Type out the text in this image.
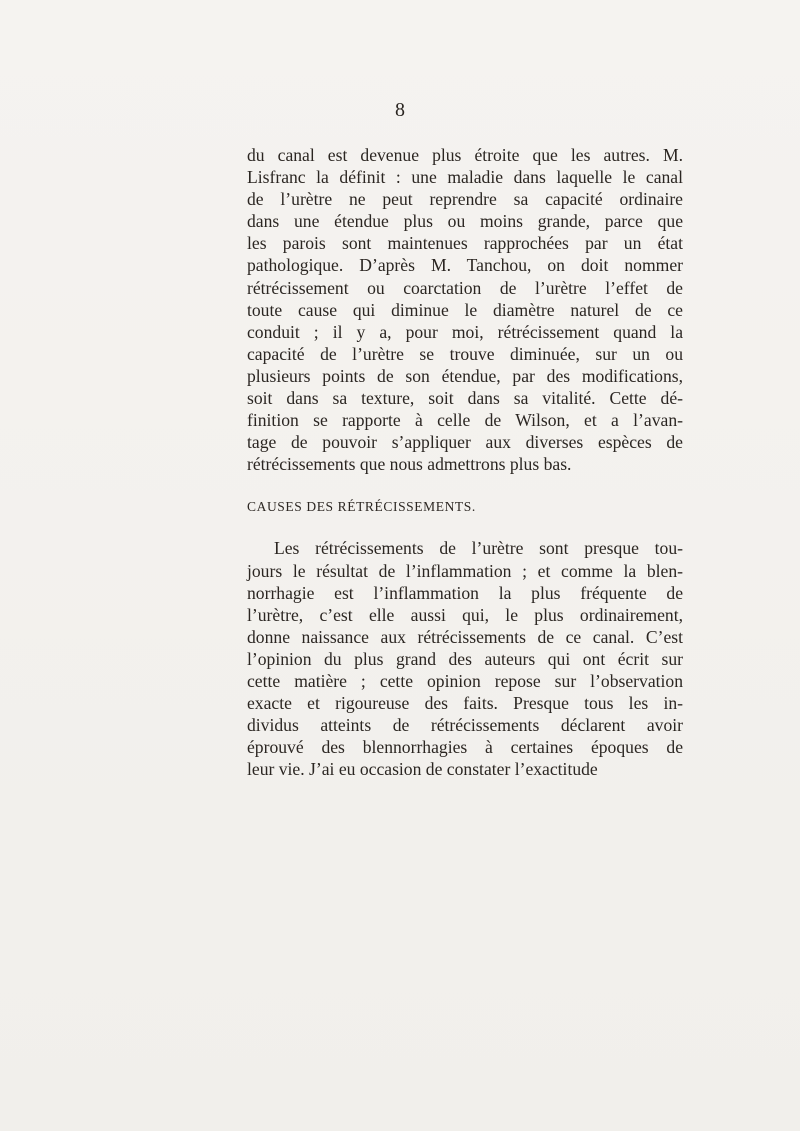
8
du canal est devenue plus étroite que les autres. M.
Lisfranc la définit : une maladie dans laquelle le canal
de l’urètre ne peut reprendre sa capacité ordinaire
dans une étendue plus ou moins grande, parce que
les parois sont maintenues rapprochées par un état
pathologique. D’après M. Tanchou, on doit nommer
rétrécissement ou coarctation de l’urètre l’effet de
toute cause qui diminue le diamètre naturel de ce
conduit ; il y a, pour moi, rétrécissement quand la
capacité de l’urètre se trouve diminuée, sur un ou
plusieurs points de son étendue, par des modifications,
soit dans sa texture, soit dans sa vitalité. Cette dé-
finition se rapporte à celle de Wilson, et a l’avan-
tage de pouvoir s’appliquer aux diverses espèces de
rétrécissements que nous admettrons plus bas.
CAUSES DES RÉTRÉCISSEMENTS.
Les rétrécissements de l’urètre sont presque tou-
jours le résultat de l’inflammation ; et comme la blen-
norrhagie est l’inflammation la plus fréquente de
l’urètre, c’est elle aussi qui, le plus ordinairement,
donne naissance aux rétrécissements de ce canal. C’est
l’opinion du plus grand des auteurs qui ont écrit sur
cette matière ; cette opinion repose sur l’observation
exacte et rigoureuse des faits. Presque tous les in-
dividus atteints de rétrécissements déclarent avoir
éprouvé des blennorrhagies à certaines époques de
leur vie. J’ai eu occasion de constater l’exactitude
